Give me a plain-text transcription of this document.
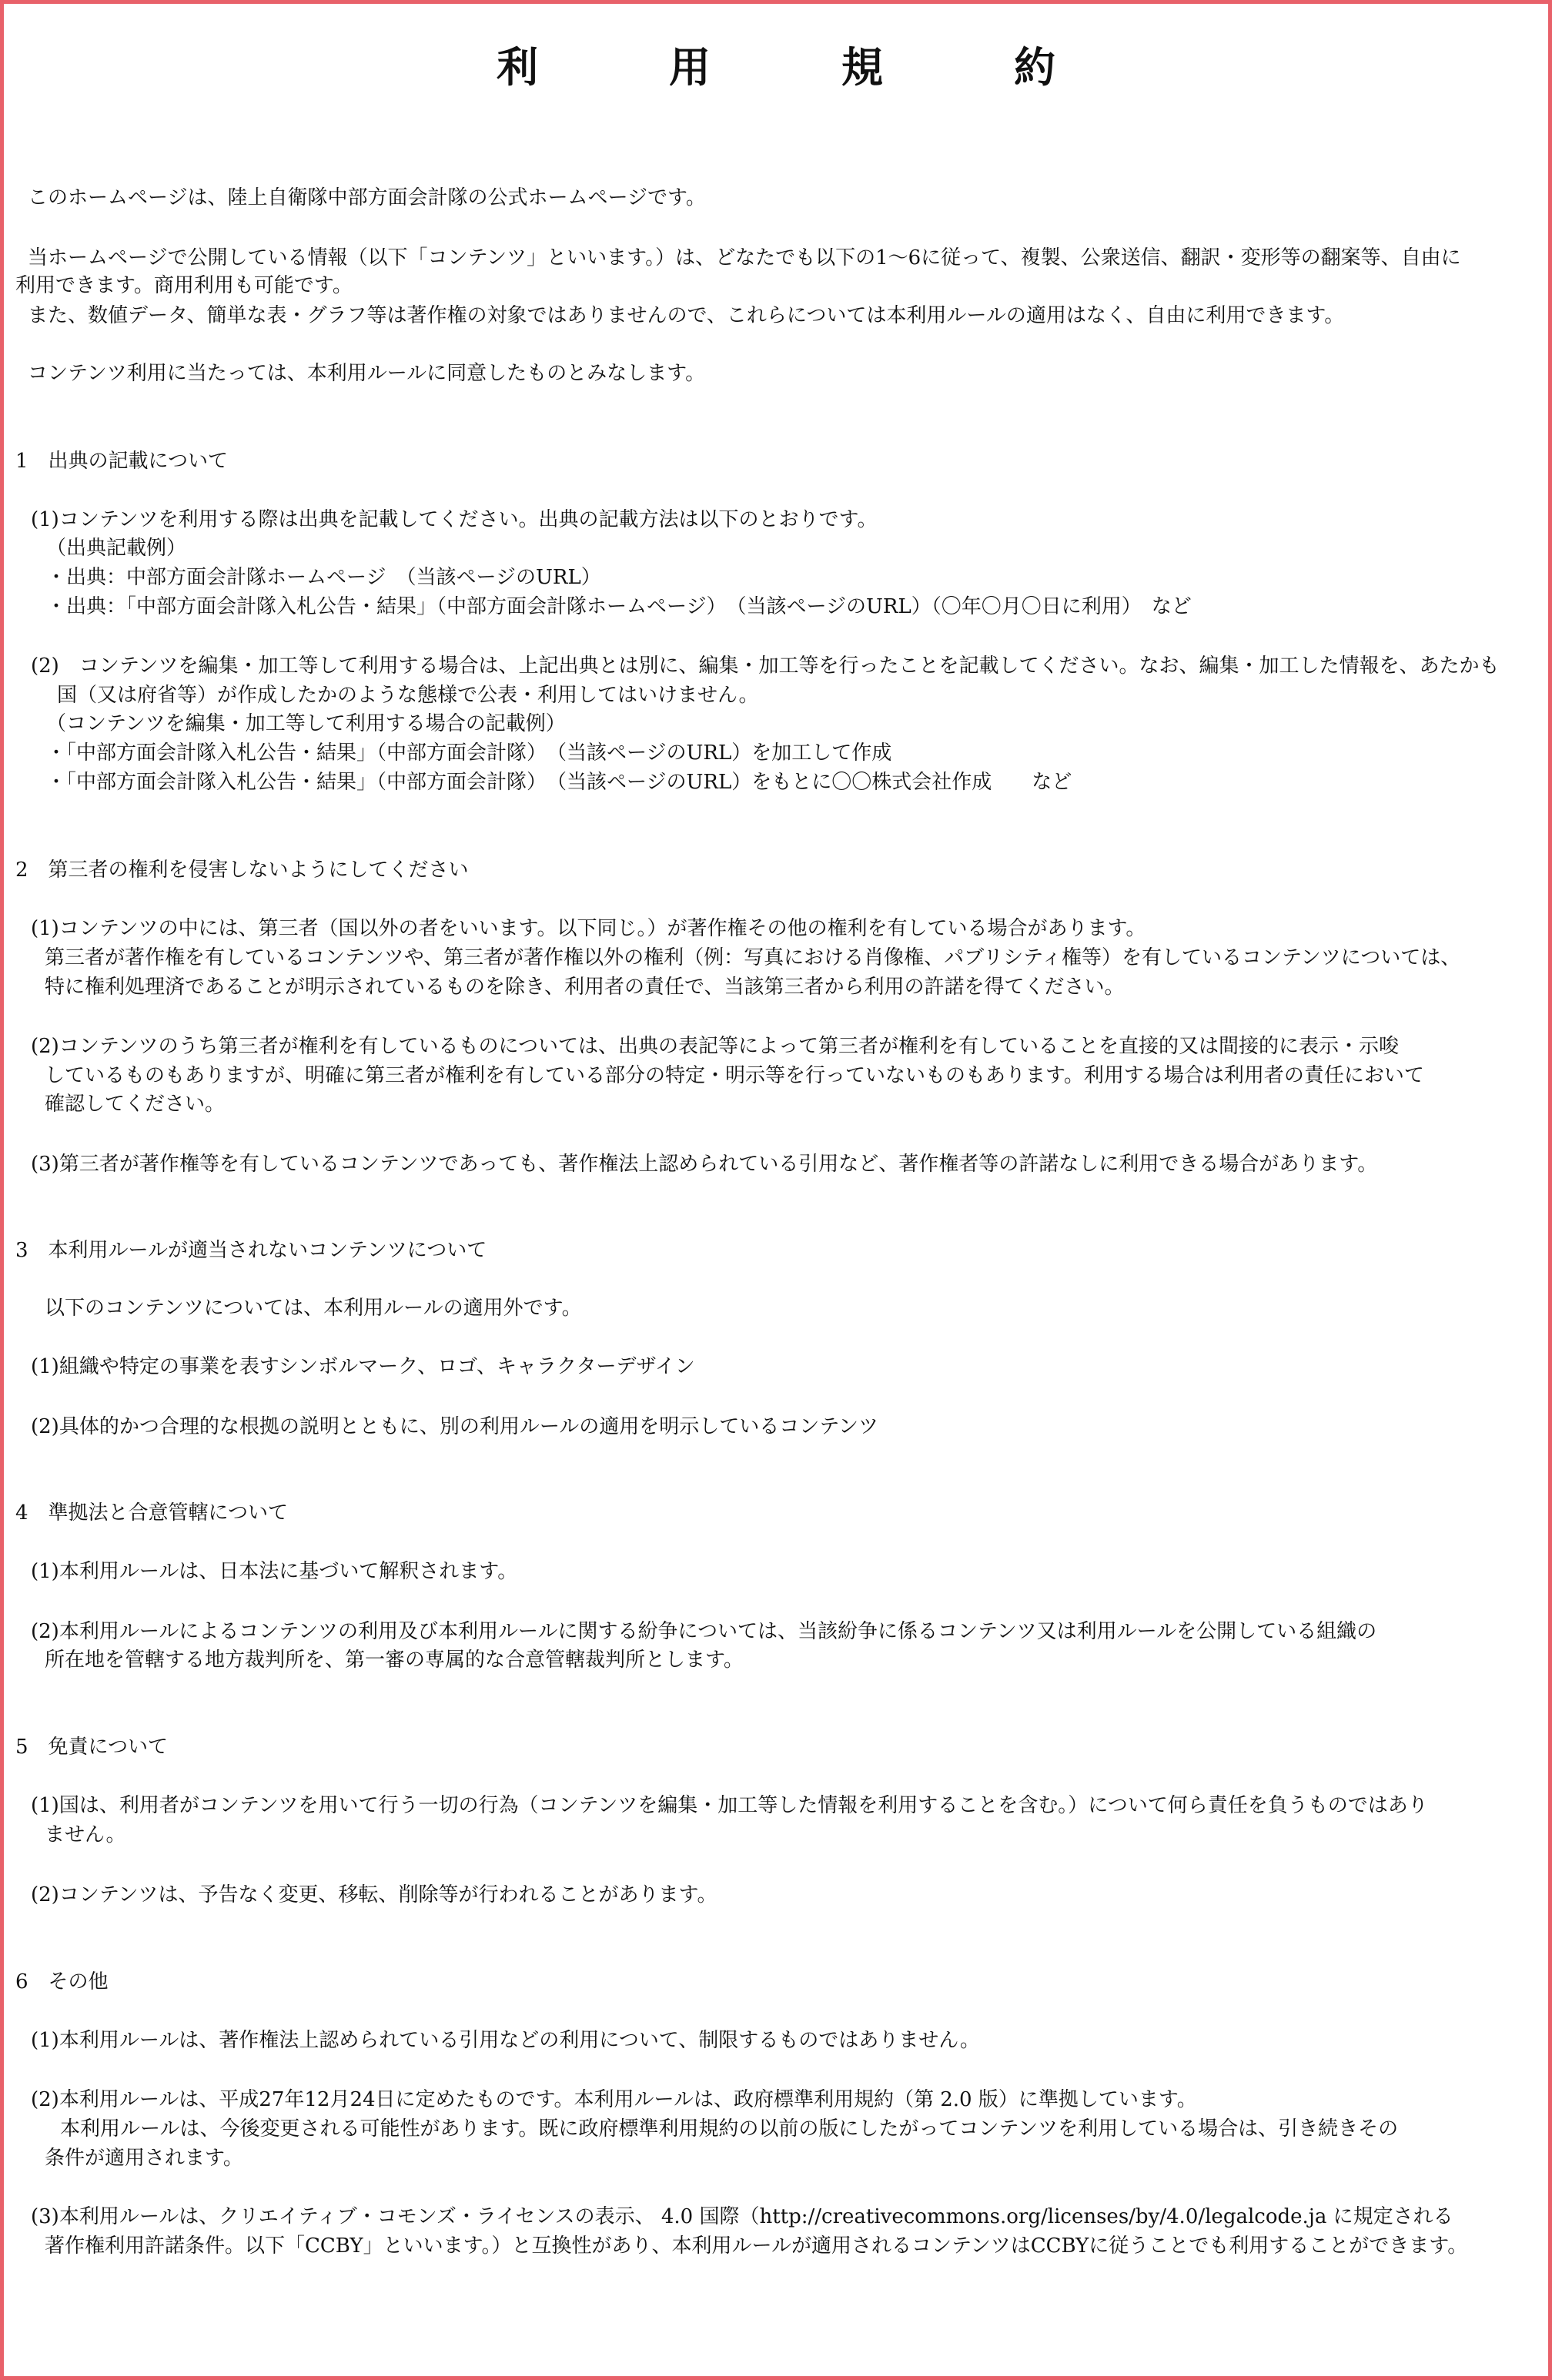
利　用　規　約
このホームページは、陸上自衛隊中部方面会計隊の公式ホームページです。
当ホームページで公開している情報（以下「コンテンツ」といいます。）は、どなたでも以下の1～6に従って、複製、公衆送信、翻訳・変形等の翻案等、自由に
利用できます。商用利用も可能です。
また、数値データ、簡単な表・グラフ等は著作権の対象ではありませんので、これらについては本利用ルールの適用はなく、自由に利用できます。
コンテンツ利用に当たっては、本利用ルールに同意したものとみなします。
1　出典の記載について
(1)コンテンツを利用する際は出典を記載してください。出典の記載方法は以下のとおりです。
（出典記載例）
・出典：中部方面会計隊ホームページ　（当該ページのURL）
・出典：「中部方面会計隊入札公告・結果」（中部方面会計隊ホームページ）　（当該ページのURL）（〇年〇月〇日に利用）　など
(2)　コンテンツを編集・加工等して利用する場合は、上記出典とは別に、編集・加工等を行ったことを記載してください。なお、編集・加工した情報を、あたかも
国（又は府省等）が作成したかのような態様で公表・利用してはいけません。
（コンテンツを編集・加工等して利用する場合の記載例）
・「中部方面会計隊入札公告・結果」（中部方面会計隊）　（当該ページのURL）を加工して作成
・「中部方面会計隊入札公告・結果」（中部方面会計隊）　（当該ページのURL）をもとに〇〇株式会社作成　　など
2　第三者の権利を侵害しないようにしてください
(1)コンテンツの中には、第三者（国以外の者をいいます。以下同じ。）が著作権その他の権利を有している場合があります。
第三者が著作権を有しているコンテンツや、第三者が著作権以外の権利（例：写真における肖像権、パブリシティ権等）を有しているコンテンツについては、
特に権利処理済であることが明示されているものを除き、利用者の責任で、当該第三者から利用の許諾を得てください。
(2)コンテンツのうち第三者が権利を有しているものについては、出典の表記等によって第三者が権利を有していることを直接的又は間接的に表示・示唆
しているものもありますが、明確に第三者が権利を有している部分の特定・明示等を行っていないものもあります。利用する場合は利用者の責任において
確認してください。
(3)第三者が著作権等を有しているコンテンツであっても、著作権法上認められている引用など、著作権者等の許諾なしに利用できる場合があります。
3　本利用ルールが適当されないコンテンツについて
以下のコンテンツについては、本利用ルールの適用外です。
(1)組織や特定の事業を表すシンボルマーク、ロゴ、キャラクターデザイン
(2)具体的かつ合理的な根拠の説明とともに、別の利用ルールの適用を明示しているコンテンツ
4　準拠法と合意管轄について
(1)本利用ルールは、日本法に基づいて解釈されます。
(2)本利用ルールによるコンテンツの利用及び本利用ルールに関する紛争については、当該紛争に係るコンテンツ又は利用ルールを公開している組織の
所在地を管轄する地方裁判所を、第一審の専属的な合意管轄裁判所とします。
5　免責について
(1)国は、利用者がコンテンツを用いて行う一切の行為（コンテンツを編集・加工等した情報を利用することを含む。）について何ら責任を負うものではあり
ません。
(2)コンテンツは、予告なく変更、移転、削除等が行われることがあります。
6　その他
(1)本利用ルールは、著作権法上認められている引用などの利用について、制限するものではありません。
(2)本利用ルールは、平成27年12月24日に定めたものです。本利用ルールは、政府標準利用規約（第 2.0 版）に準拠しています。
本利用ルールは、今後変更される可能性があります。既に政府標準利用規約の以前の版にしたがってコンテンツを利用している場合は、引き続きその
条件が適用されます。
(3)本利用ルールは、クリエイティブ・コモンズ・ライセンスの表示、 4.0 国際（http://creativecommons.org/licenses/by/4.0/legalcode.ja に規定される
著作権利用許諾条件。以下「CCBY」といいます。）と互換性があり、本利用ルールが適用されるコンテンツはCCBYに従うことでも利用することができます。
